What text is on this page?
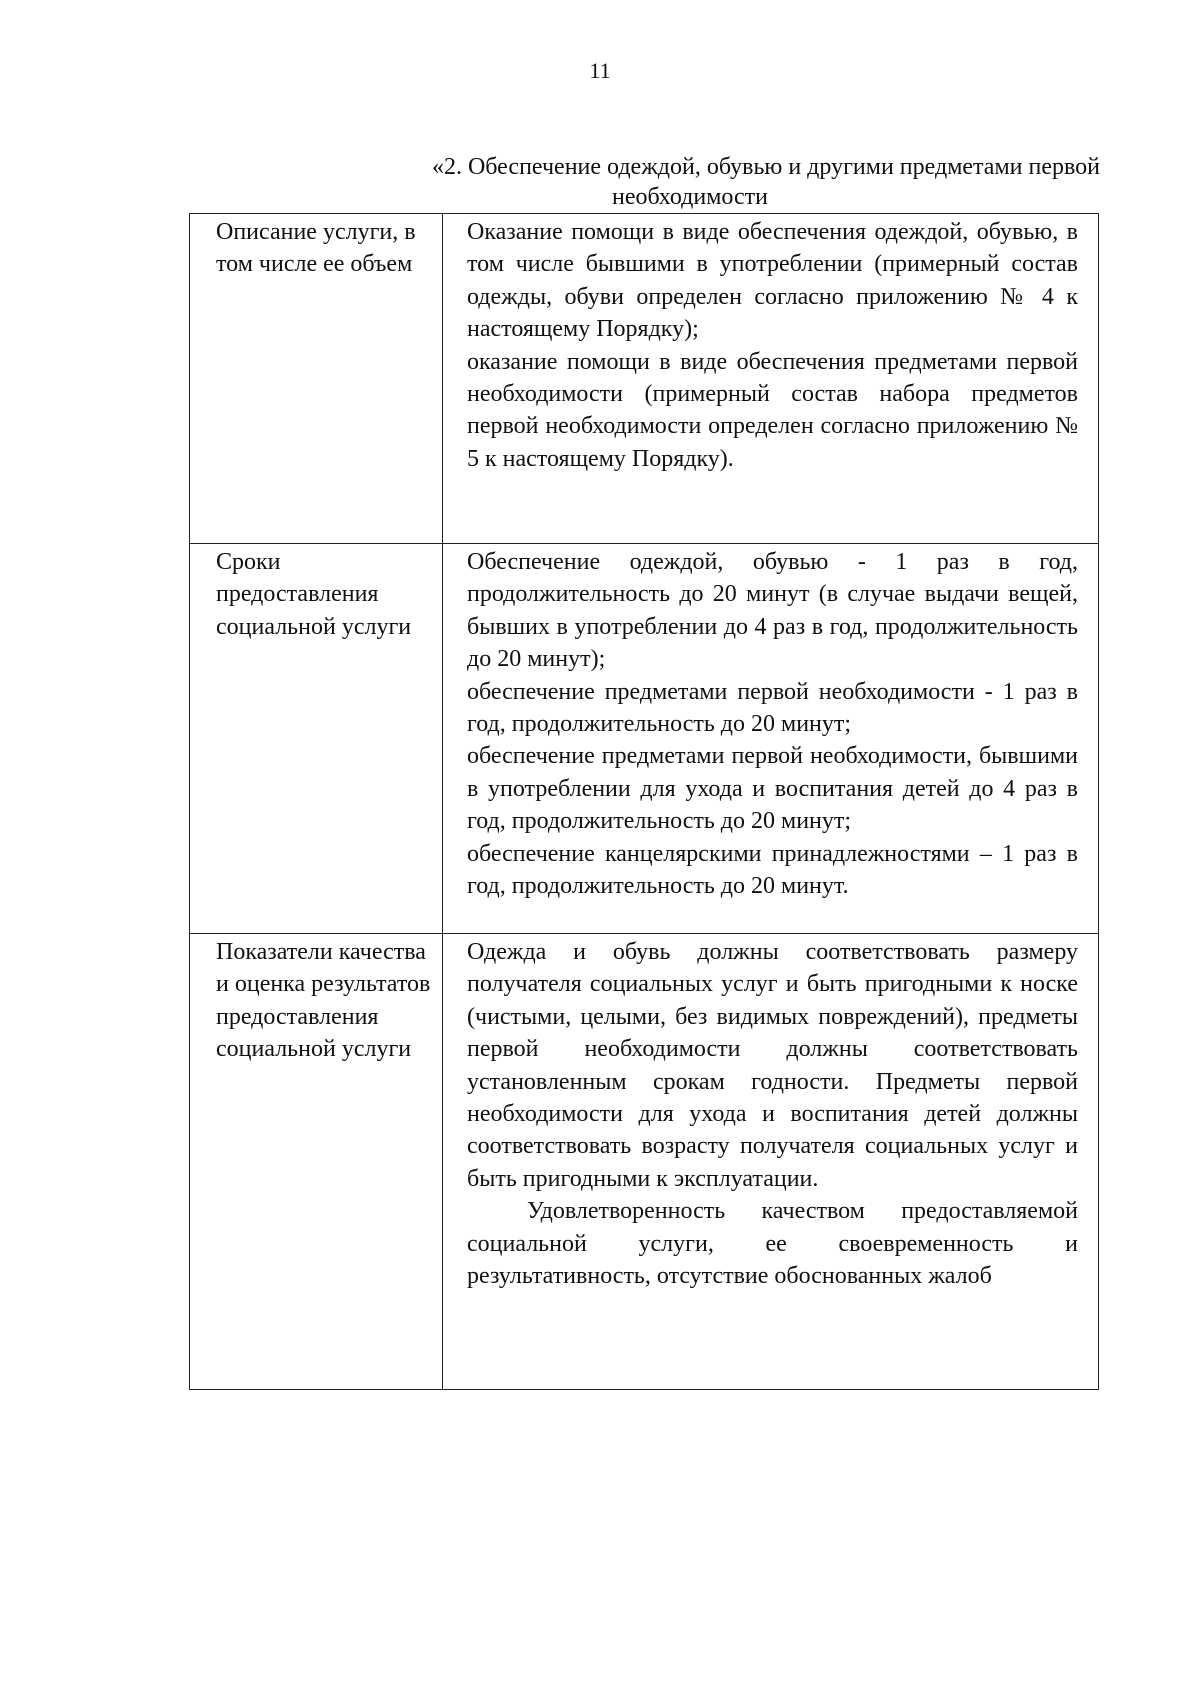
11
«2. Обеспечение одеждой, обувью и другими предметами первой
необходимости
Описание услуги, в том числе ее объем	Оказание помощи в виде обеспечения одеждой, обувью, в том числе бывшими в употреблении (примерный состав одежды, обуви определен согласно приложению № 4 к настоящему Порядку);
оказание помощи в виде обеспечения предметами первой необходимости (примерный состав набора предметов первой необходимости определен согласно приложению № 5 к настоящему Порядку).

Сроки предоставления социальной услуги	Обеспечение одеждой, обувью - 1 раз в год, продолжительность до 20 минут (в случае выдачи вещей, бывших в употреблении до 4 раз в год, продолжительность до 20 минут);
обеспечение предметами первой необходимости - 1 раз в год, продолжительность до 20 минут;
обеспечение предметами первой необходимости, бывшими в употреблении для ухода и воспитания детей до 4 раз в год, продолжительность до 20 минут;
обеспечение канцелярскими принадлежностями – 1 раз в год, продолжительность до 20 минут.

Показатели качества и оценка результатов предоставления социальной услуги	Одежда и обувь должны соответствовать размеру получателя социальных услуг и быть пригодными к носке (чистыми, целыми, без видимых повреждений), предметы первой необходимости должны соответствовать установленным срокам годности. Предметы первой необходимости для ухода и воспитания детей должны соответствовать возрасту получателя социальных услуг и быть пригодными к эксплуатации.
Удовлетворенность качеством предоставляемой социальной услуги, ее своевременность и результативность, отсутствие обоснованных жалоб
